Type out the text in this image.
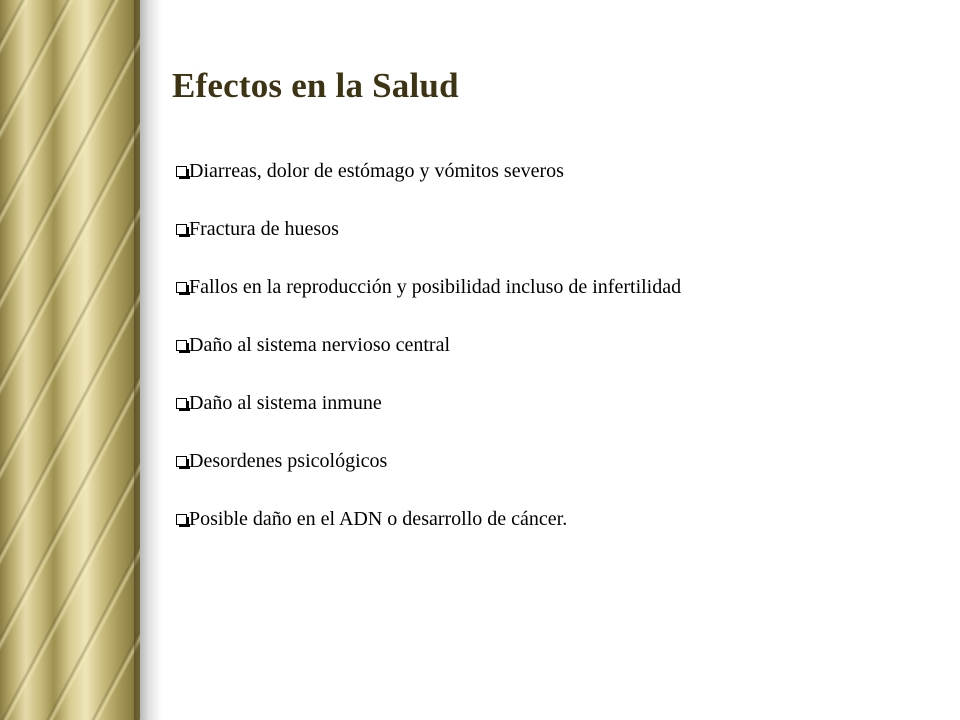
Efectos en la Salud
Diarreas, dolor de estómago y vómitos severos
Fractura de huesos
Fallos en la reproducción y posibilidad incluso de infertilidad
Daño al sistema nervioso central
Daño al sistema inmune
Desordenes psicológicos
Posible daño en el ADN o desarrollo de cáncer.
